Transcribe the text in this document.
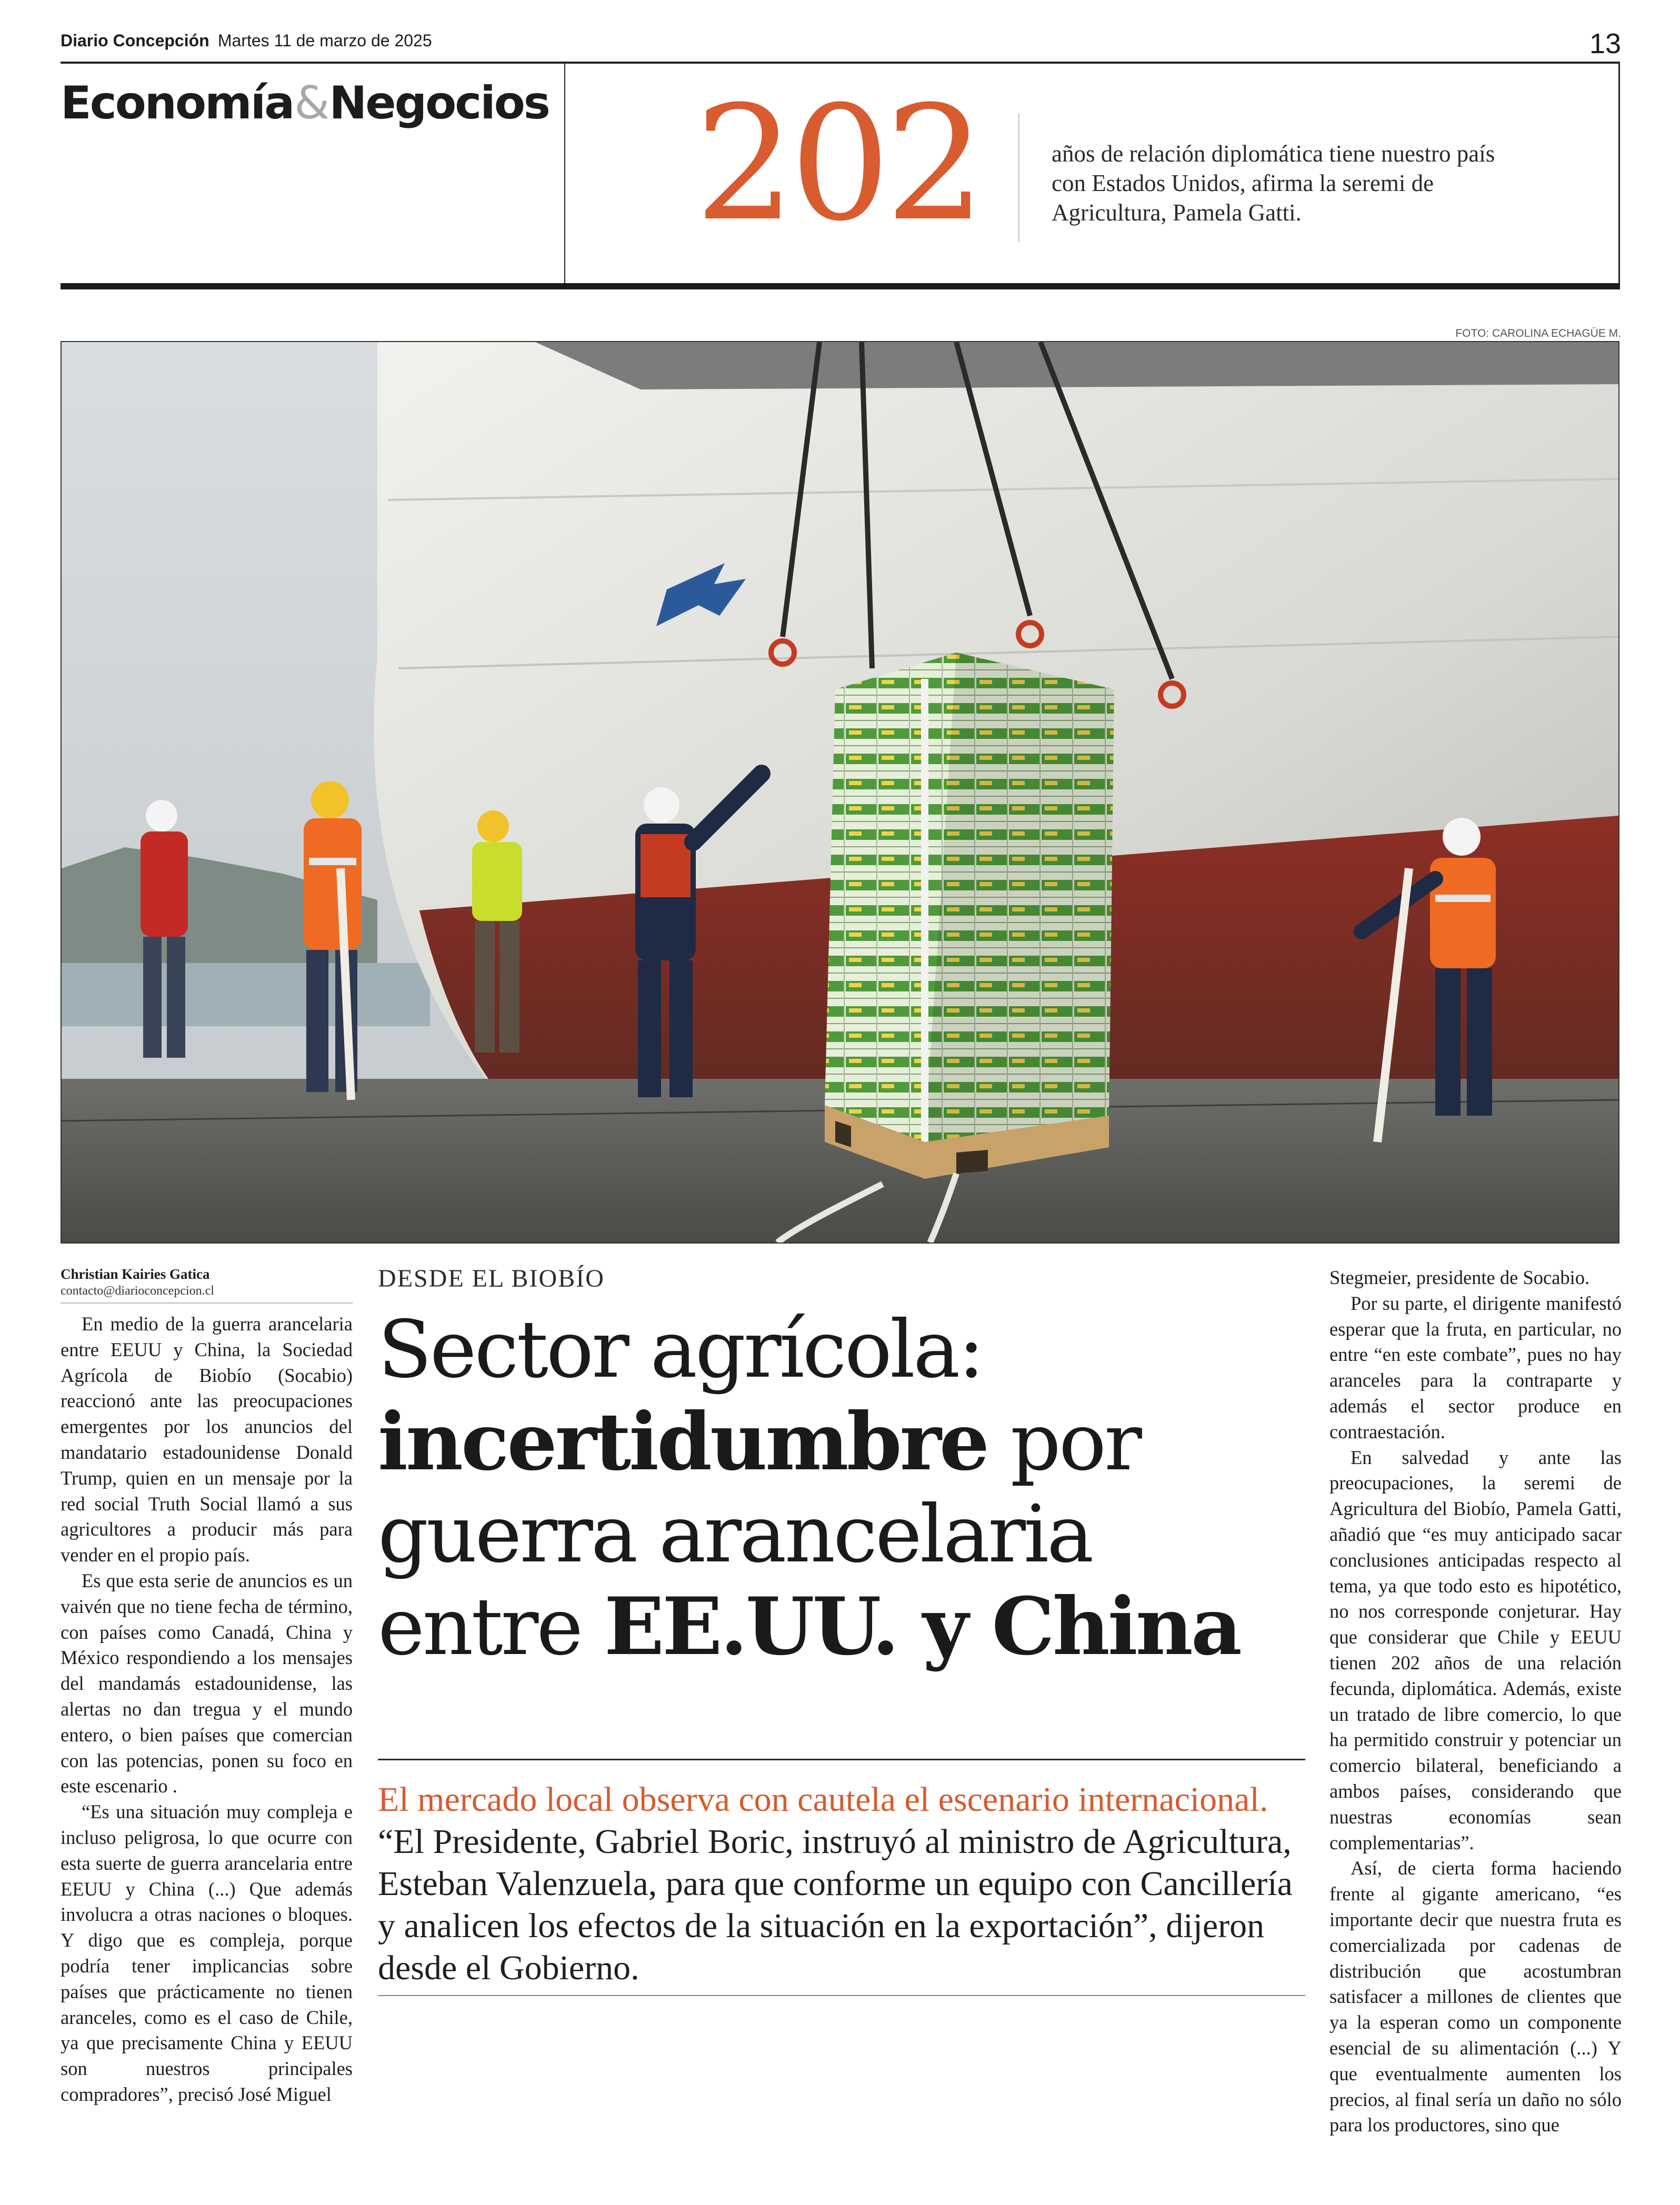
Diario Concepción Martes 11 de marzo de 2025	13
Economía&Negocios 202	años de relación diplomática tiene nuestro país con Estados Unidos, afirma la seremi de Agricultura, Pamela Gatti.
FOTO: CAROLINA ECHAGÜE M.
Christian Kairies Gatica
contacto@diarioconcepcion.cl

En medio de la guerra arancelaria entre EEUU y China, la Sociedad Agrícola de Biobío (Socabio) reaccionó ante las preocupaciones emergentes por los anuncios del mandatario estadounidense Donald Trump, quien en un mensaje por la red social Truth Social llamó a sus agricultores a producir más para vender en el propio país.

Es que esta serie de anuncios es un vaivén que no tiene fecha de término, con países como Canadá, China y México respondiendo a los mensajes del mandamás estadounidense, las alertas no dan tregua y el mundo entero, o bien países que comercian con las potencias, ponen su foco en este escenario .

“Es una situación muy compleja e incluso peligrosa, lo que ocurre con esta suerte de guerra arancelaria entre EEUU y China (...) Que además involucra a otras naciones o bloques. Y digo que es compleja, porque podría tener implicancias sobre países que prácticamente no tienen aranceles, como es el caso de Chile, ya que precisamente China y EEUU son nuestros principales compradores”, precisó José Miguel

DESDE EL BIOBÍO
Sector agrícola:
incertidumbre por
guerra arancelaria
entre EE.UU. y China
El mercado local observa con cautela el escenario internacional. “El Presidente, Gabriel Boric, instruyó al ministro de Agricultura, Esteban Valenzuela, para que conforme un equipo con Cancillería y analicen los efectos de la situación en la exportación”, dijeron desde el Gobierno.

Stegmeier, presidente de Socabio.

Por su parte, el dirigente manifestó esperar que la fruta, en particular, no entre “en este combate”, pues no hay aranceles para la contraparte y además el sector produce en contraestación.

En salvedad y ante las preocupaciones, la seremi de Agricultura del Biobío, Pamela Gatti, añadió que “es muy anticipado sacar conclusiones anticipadas respecto al tema, ya que todo esto es hipotético, no nos corresponde conjeturar. Hay que considerar que Chile y EEUU tienen 202 años de una relación fecunda, diplomática. Además, existe un tratado de libre comercio, lo que ha permitido construir y potenciar un comercio bilateral, beneficiando a ambos países, considerando que nuestras economías sean complementarias”.

Así, de cierta forma haciendo frente al gigante americano, “es importante decir que nuestra fruta es comercializada por cadenas de distribución que acostumbran satisfacer a millones de clientes que ya la esperan como un componente esencial de su alimentación (...) Y que eventualmente aumenten los precios, al final sería un daño no sólo para los productores, sino que
